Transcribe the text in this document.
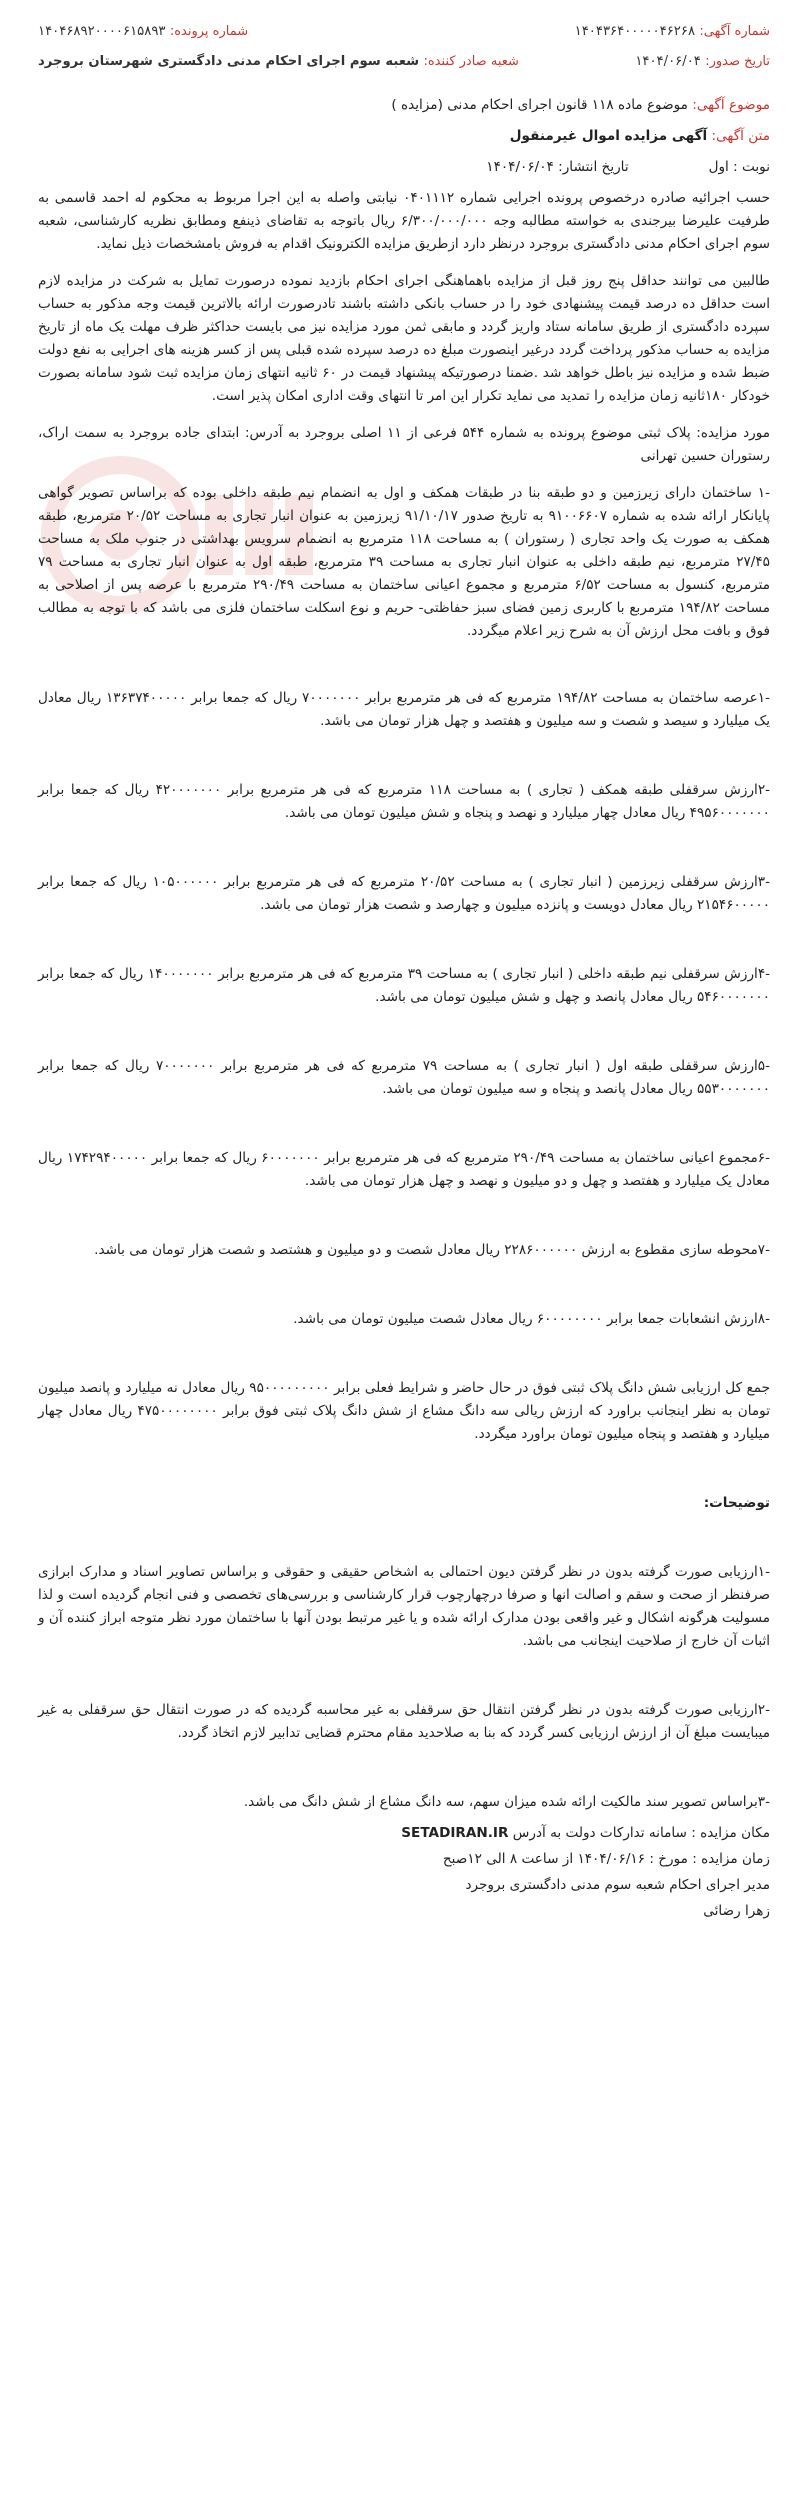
شماره آگهی: ۱۴۰۴۳۶۴۰۰۰۰۰۴۶۲۶۸
شماره پرونده: ۱۴۰۴۶۸۹۲۰۰۰۰۶۱۵۸۹۳
تاریخ صدور: ۱۴۰۴/۰۶/۰۴
شعبه صادر کننده: شعبه سوم اجرای احکام مدنی دادگستری شهرستان بروجرد

موضوع آگهی: موضوع ماده ۱۱۸ قانون اجرای احکام مدنی (مزایده )

متن آگهی: آگهی مزایده اموال غیرمنقول

نوبت : اول
تاریخ انتشار: ۱۴۰۴/۰۶/۰۴

حسب اجرائیه صادره درخصوص پرونده اجرایی شماره ۰۴۰۱۱۱۲ نیابتی واصله به این اجرا مربوط به محکوم له احمد قاسمی به طرفیت علیرضا بیرجندی به خواسته مطالبه وجه ۶/۳۰۰/۰۰۰/۰۰۰ ریال باتوجه به تقاضای ذینفع ومطابق نظریه کارشناسی، شعبه سوم اجرای احکام مدنی دادگستری بروجرد درنظر دارد ازطریق مزایده الکترونیک اقدام به فروش بامشخصات ذیل نماید.

طالبین می توانند حداقل پنج روز قبل از مزایده باهماهنگی اجرای احکام بازدید نموده درصورت تمایل به شرکت در مزایده لازم است حداقل ده درصد قیمت پیشنهادی خود را در حساب بانکی داشته باشند تادرصورت ارائه بالاترین قیمت وجه مذکور به حساب سپرده دادگستری از طریق سامانه ستاد واریز گردد و مابقی ثمن مورد مزایده نیز می بایست حداکثر ظرف مهلت یک ماه از تاریخ مزایده به حساب مذکور پرداخت گردد درغیر اینصورت مبلغ ده درصد سپرده شده قبلی پس از کسر هزینه های اجرایی به نفع دولت ضبط شده و مزایده نیز باطل خواهد شد .ضمنا درصورتیکه پیشنهاد قیمت در ۶۰ ثانیه انتهای زمان مزایده ثبت شود سامانه بصورت خودکار ۱۸۰ثانیه زمان مزایده را تمدید می نماید تکرار این امر تا انتهای وقت اداری امکان پذیر است.

مورد مزایده: پلاک ثبتی موضوع پرونده به شماره ۵۴۴ فرعی از ۱۱ اصلی بروجرد به آدرس: ابتدای جاده بروجرد به سمت اراک، رستوران حسین تهرانی

-۱ ساختمان دارای زیرزمین و دو طبقه بنا در طبقات همکف و اول به انضمام نیم طبقه داخلی بوده که براساس تصویر گواهی پایانکار ارائه شده به شماره ۹۱۰۰۶۶۰۷ به تاریخ صدور ۹۱/۱۰/۱۷ زیرزمین به عنوان انبار تجاری به مساحت ۲۰/۵۲ مترمربع، طبقه همکف به صورت یک واحد تجاری ( رستوران ) به مساحت ۱۱۸ مترمربع به انضمام سرویس بهداشتی در جنوب ملک به مساحت ۲۷/۴۵ مترمربع، نیم طبقه داخلی به عنوان انبار تجاری به مساحت ۳۹ مترمربع، طبقه اول به عنوان انبار تجاری به مساحت ۷۹ مترمربع، کنسول به مساحت ۶/۵۲ مترمربع و مجموع اعیانی ساختمان به مساحت ۲۹۰/۴۹ مترمربع با عرصه پس از اصلاحی به مساحت ۱۹۴/۸۲ مترمربع با کاربری زمین فضای سبز حفاظتی- حریم و نوع اسکلت ساختمان فلزی می باشد که با توجه به مطالب فوق و بافت محل ارزش آن به شرح زیر اعلام میگردد.

-۱عرصه ساختمان به مساحت ۱۹۴/۸۲ مترمربع که فی هر مترمربع برابر ۷۰۰۰۰۰۰۰ ریال که جمعا برابر ۱۳۶۳۷۴۰۰۰۰۰ ریال معادل یک میلیارد و سیصد و شصت و سه میلیون و هفتصد و چهل هزار تومان می باشد.

-۲ارزش سرقفلی طبقه همکف ( تجاری ) به مساحت ۱۱۸ مترمربع که فی هر مترمربع برابر ۴۲۰۰۰۰۰۰۰ ریال که جمعا برابر ۴۹۵۶۰۰۰۰۰۰۰ ریال معادل چهار میلیارد و نهصد و پنجاه و شش میلیون تومان می باشد.

-۳ارزش سرقفلی زیرزمین ( انبار تجاری ) به مساحت ۲۰/۵۲ مترمربع که فی هر مترمربع برابر ۱۰۵۰۰۰۰۰۰ ریال که جمعا برابر ۲۱۵۴۶۰۰۰۰۰ ریال معادل دویست و پانزده میلیون و چهارصد و شصت هزار تومان می باشد.

-۴ارزش سرقفلی نیم طبقه داخلی ( انبار تجاری ) به مساحت ۳۹ مترمربع که فی هر مترمربع برابر ۱۴۰۰۰۰۰۰۰ ریال که جمعا برابر ۵۴۶۰۰۰۰۰۰۰ ریال معادل پانصد و چهل و شش میلیون تومان می باشد.

-۵ارزش سرقفلی طبقه اول ( انبار تجاری ) به مساحت ۷۹ مترمربع که فی هر مترمربع برابر ۷۰۰۰۰۰۰۰ ریال که جمعا برابر ۵۵۳۰۰۰۰۰۰۰ ریال معادل پانصد و پنجاه و سه میلیون تومان می باشد.

-۶مجموع اعیانی ساختمان به مساحت ۲۹۰/۴۹ مترمربع که فی هر مترمربع برابر ۶۰۰۰۰۰۰۰ ریال که جمعا برابر ۱۷۴۲۹۴۰۰۰۰۰ ریال معادل یک میلیارد و هفتصد و چهل و دو میلیون و نهصد و چهل هزار تومان می باشد.

-۷محوطه سازی مقطوع به ارزش ۲۲۸۶۰۰۰۰۰۰ ریال معادل شصت و دو میلیون و هشتصد و شصت هزار تومان می باشد.

-۸ارزش انشعابات جمعا برابر ۶۰۰۰۰۰۰۰۰ ریال معادل شصت میلیون تومان می باشد.

جمع کل ارزیابی شش دانگ پلاک ثبتی فوق در حال حاضر و شرایط فعلی برابر ۹۵۰۰۰۰۰۰۰۰۰ ریال معادل نه میلیارد و پانصد میلیون تومان به نظر اینجانب براورد که ارزش ریالی سه دانگ مشاع از شش دانگ پلاک ثبتی فوق برابر ۴۷۵۰۰۰۰۰۰۰۰ ریال معادل چهار میلیارد و هفتصد و پنجاه میلیون تومان براورد میگردد.

توضیحات:

-۱ارزیابی صورت گرفته بدون در نظر گرفتن دیون احتمالی به اشخاص حقیقی و حقوقی و براساس تصاویر اسناد و مدارک ابرازی صرفنظر از صحت و سقم و اصالت انها و صرفا درچهارچوب قرار کارشناسی و بررسی‌های تخصصی و فنی انجام گردیده است و لذا مسولیت هرگونه اشکال و غیر واقعی بودن مدارک ارائه شده و یا غیر مرتبط بودن آنها با ساختمان مورد نظر متوجه ابراز کننده آن و اثبات آن خارج از صلاحیت اینجانب می باشد.

-۲ارزیابی صورت گرفته بدون در نظر گرفتن انتقال حق سرقفلی به غیر محاسبه گردیده که در صورت انتقال حق سرقفلی به غیر میبایست مبلغ آن از ارزش ارزیابی کسر گردد که بنا به صلاحدید مقام محترم قضایی تدابیر لازم اتخاذ گردد.

-۳براساس تصویر سند مالکیت ارائه شده میزان سهم، سه دانگ مشاع از شش دانگ می باشد.

مکان مزایده : سامانه تدارکات دولت به آدرس SETADIRAN.IR

زمان مزایده : مورخ : ۱۴۰۴/۰۶/۱۶ از ساعت ۸ الی ۱۲صبح

مدیر اجرای احکام شعبه سوم مدنی دادگستری بروجرد

زهرا رضائی
